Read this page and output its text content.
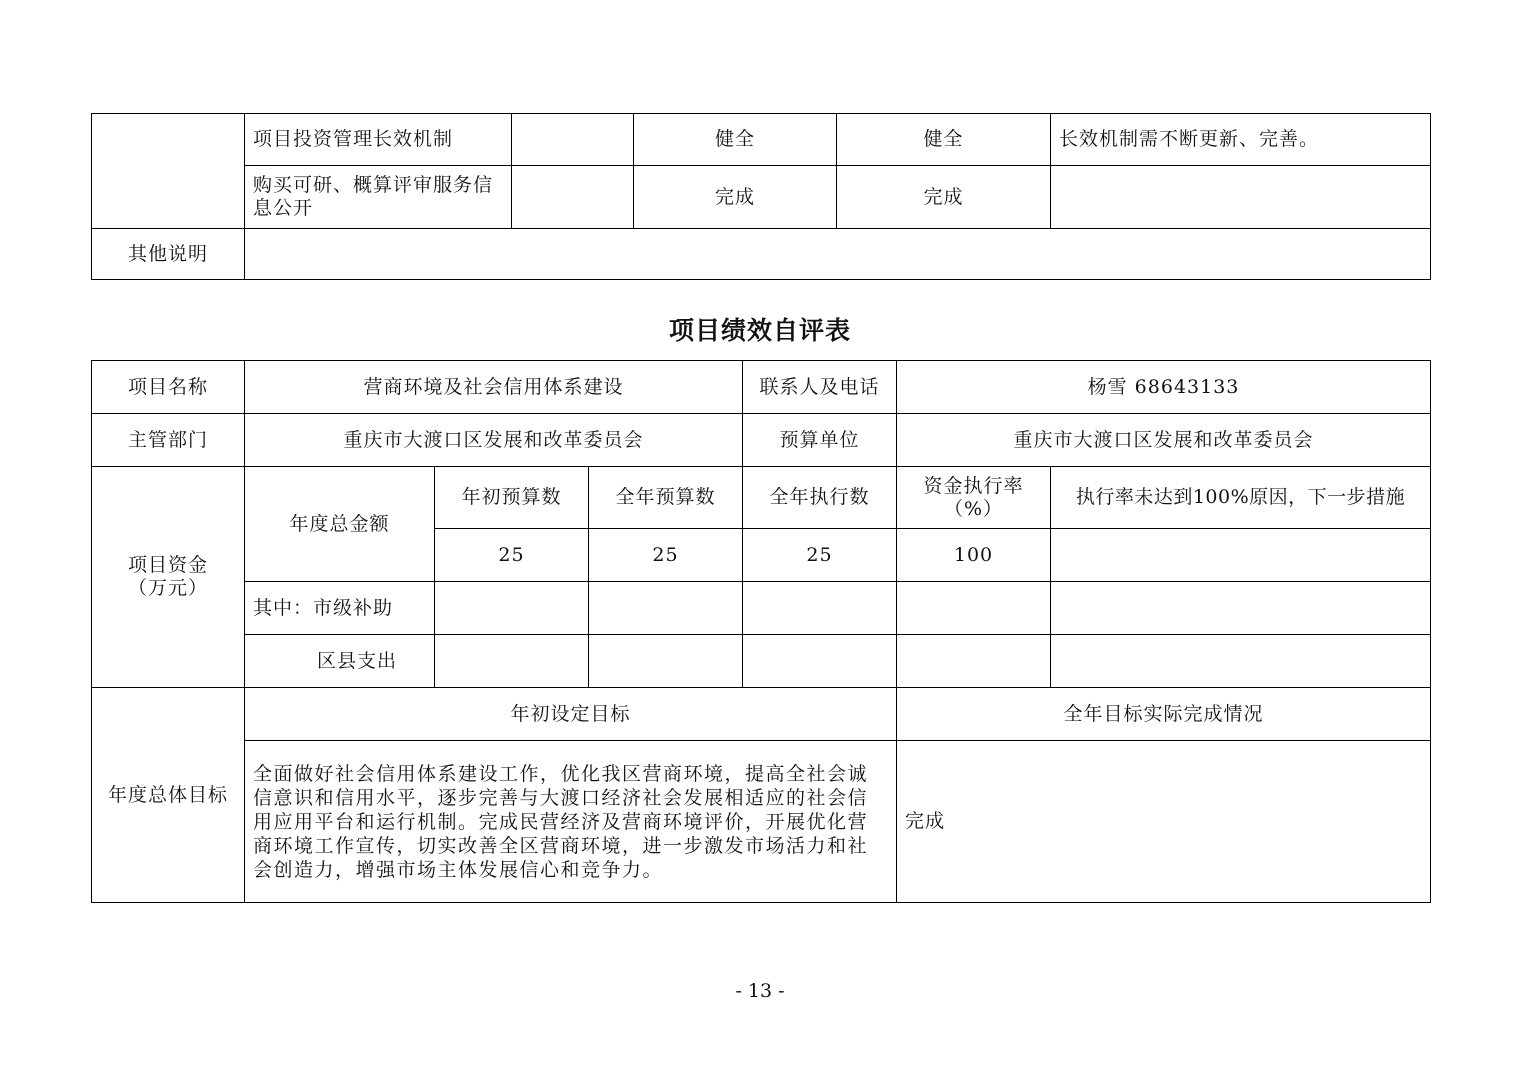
	项目投资管理长效机制		健全	健全	长效机制需不断更新、完善。
	购买可研、概算评审服务信息公开		完成	完成	
其他说明					
项目绩效自评表
项目名称	营商环境及社会信用体系建设			联系人及电话	杨雪 68643133	
主管部门	重庆市大渡口区发展和改革委员会			预算单位	重庆市大渡口区发展和改革委员会	
项目资金（万元）	年度总金额	年初预算数	全年预算数	全年执行数	资金执行率（%）	执行率未达到100%原因，下一步措施
		25	25	25	100	
	其中：市级补助					
	区县支出					
年度总体目标	年初设定目标				全年目标实际完成情况	
	全面做好社会信用体系建设工作，优化我区营商环境，提高全社会诚信意识和信用水平，逐步完善与大渡口经济社会发展相适应的社会信用应用平台和运行机制。完成民营经济及营商环境评价，开展优化营商环境工作宣传，切实改善全区营商环境，进一步激发市场活力和社会创造力，增强市场主体发展信心和竞争力。				完成	
- 13 -
